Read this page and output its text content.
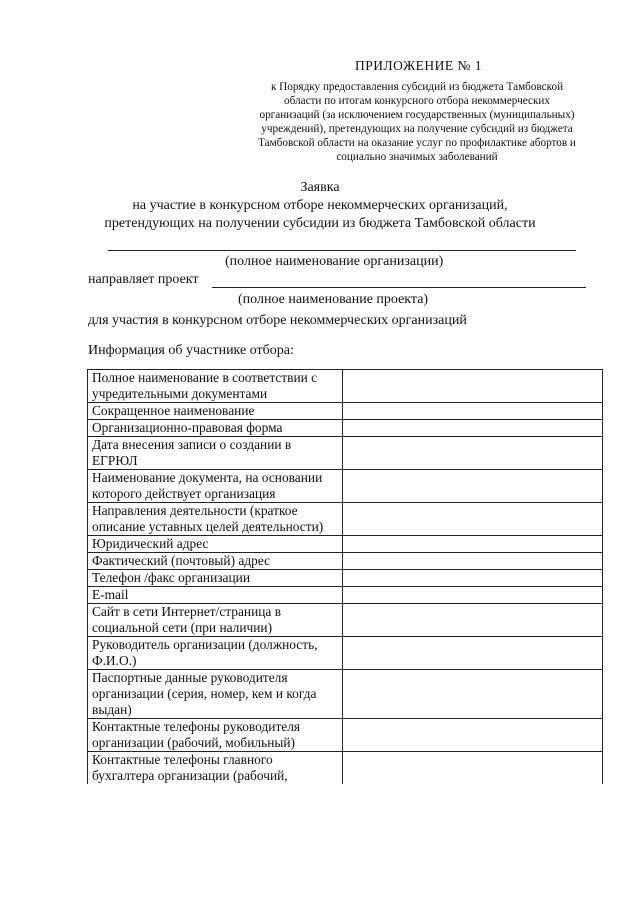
ПРИЛОЖЕНИЕ № 1
к Порядку предоставления субсидий из бюджета Тамбовской
области по итогам конкурсного отбора некоммерческих
организаций (за исключением государственных (муниципальных)
учреждений), претендующих на получение субсидий из бюджета
Тамбовской области на оказание услуг по профилактике абортов и
социально значимых заболеваний
Заявка
на участие в конкурсном отборе некоммерческих организаций,
претендующих на получении субсидии из бюджета Тамбовской области
(полное наименование организации)
направляет проект
(полное наименование проекта)
для участия в конкурсном отборе некоммерческих организаций
Информация об участнике отбора:
Полное наименование в соответствии с учредительными документами	
Сокращенное наименование	
Организационно-правовая форма	
Дата внесения записи о создании в ЕГРЮЛ	
Наименование документа, на основании которого действует организация	
Направления деятельности (краткое описание уставных целей деятельности)	
Юридический адрес	
Фактический (почтовый) адрес	
Телефон /факс организации	
E-mail	
Сайт в сети Интернет/страница в социальной сети (при наличии)	
Руководитель организации (должность, Ф.И.О.)	
Паспортные данные руководителя организации (серия, номер, кем и когда выдан)	
Контактные телефоны руководителя организации (рабочий, мобильный)	
Контактные телефоны главного бухгалтера организации (рабочий,	
